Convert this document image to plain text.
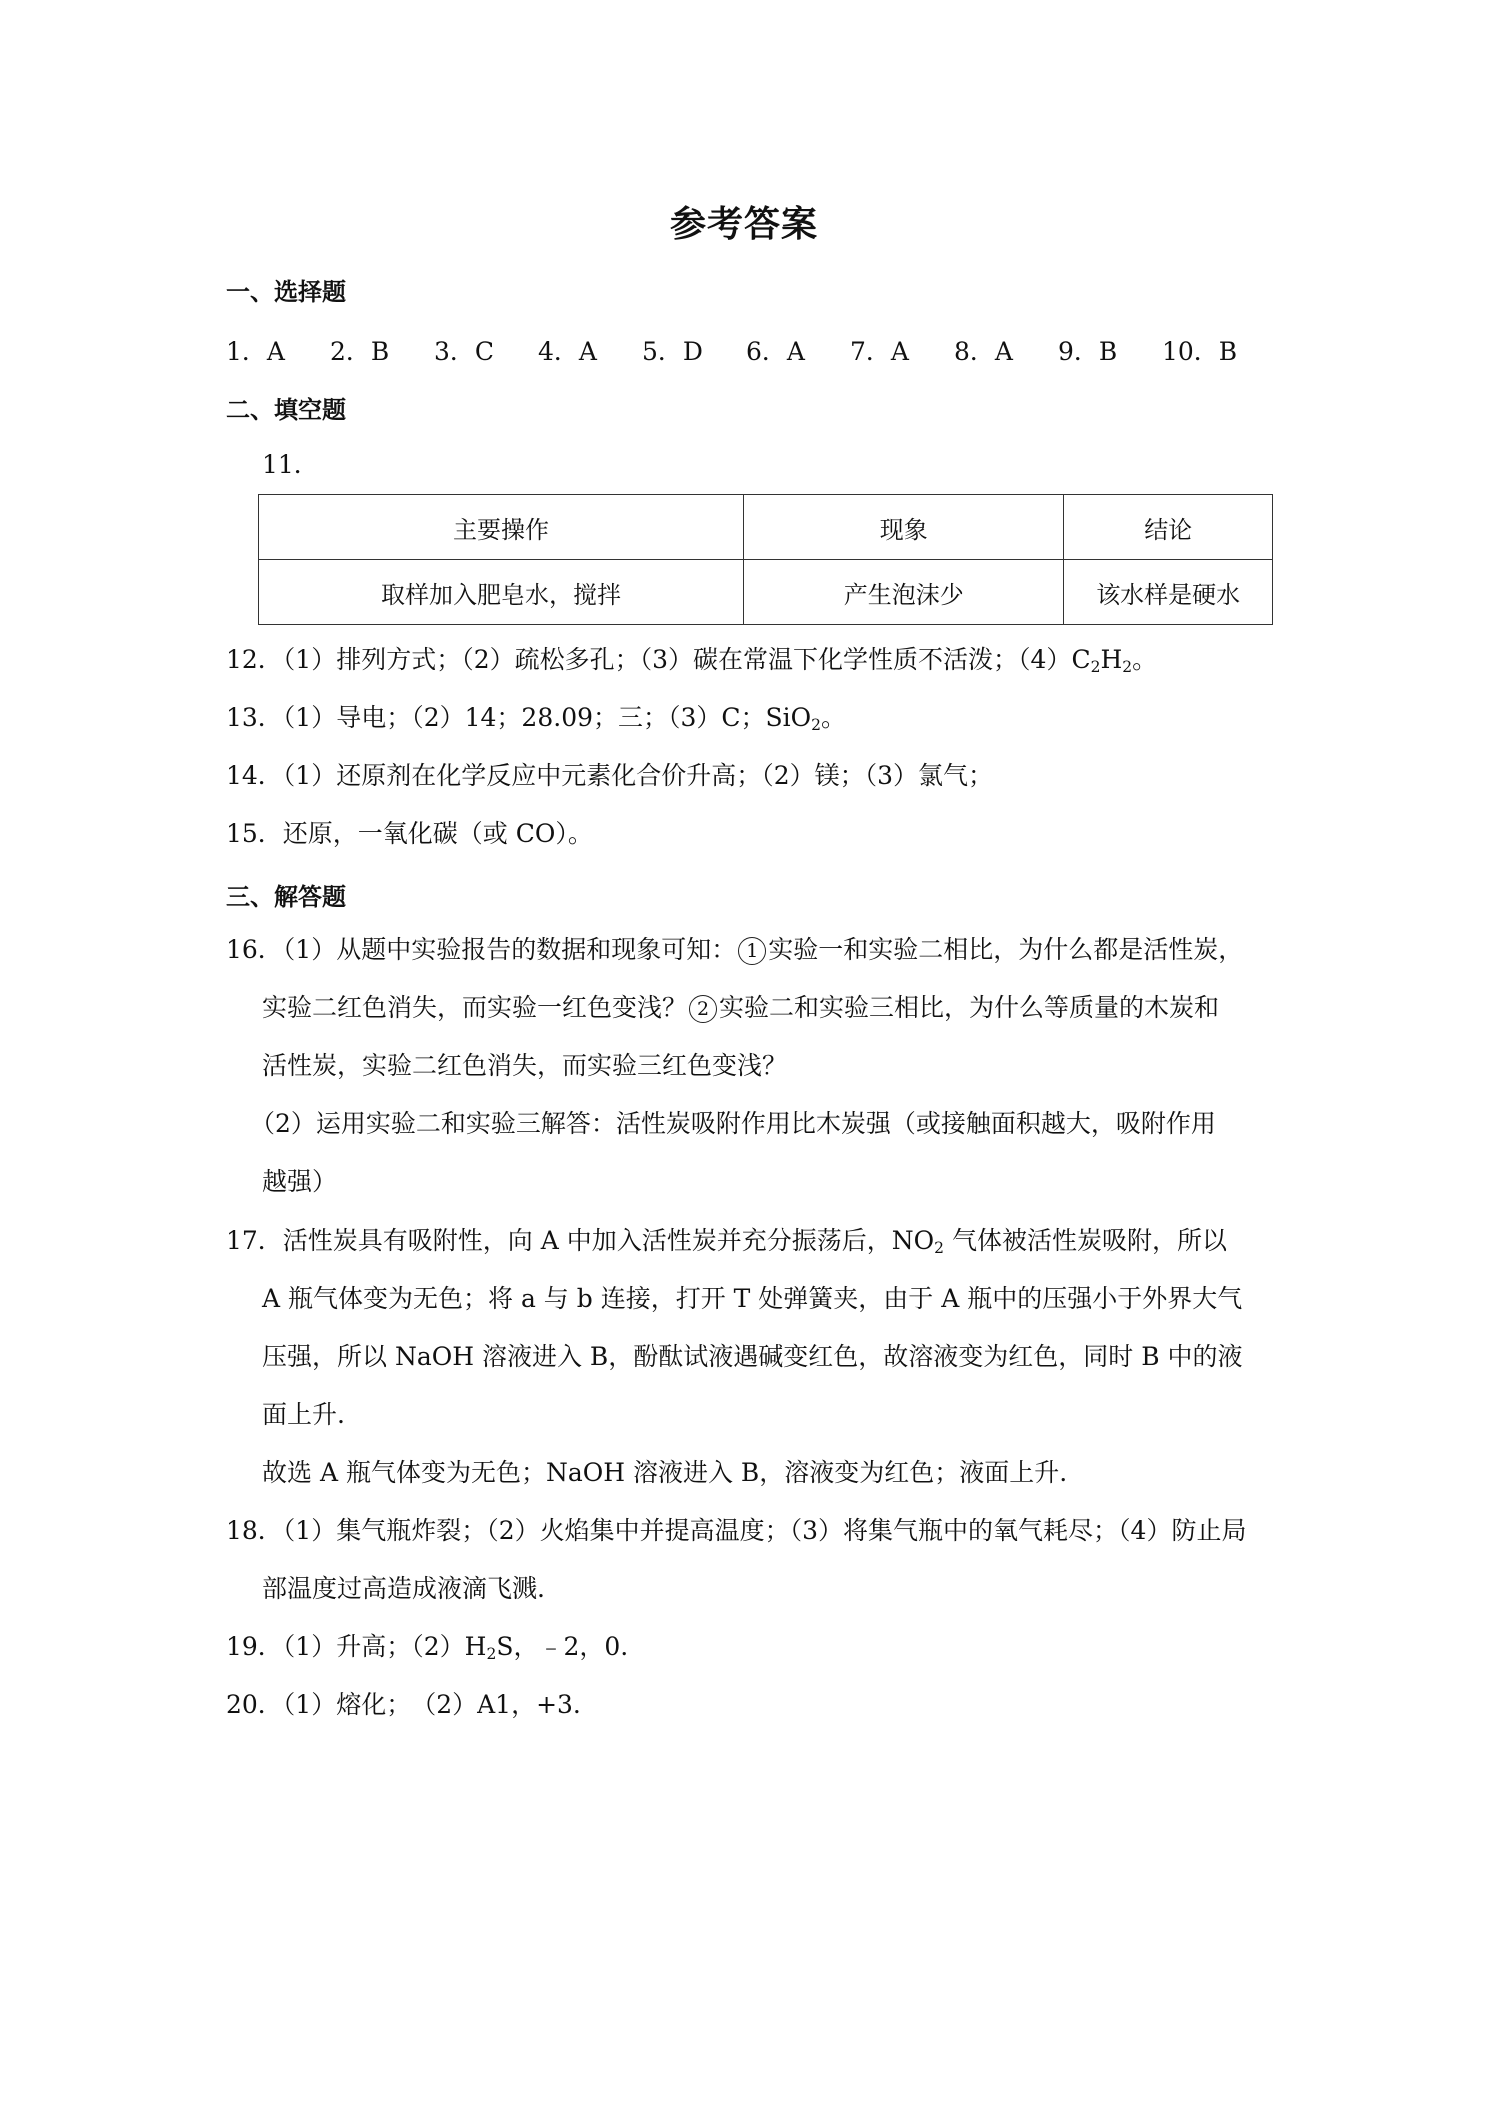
参考答案
一、选择题
1．A 2．B 3．C 4．A 5．D 6．A 7．A 8．A 9．B 10．B
二、填空题
11．
主要操作	现象	结论
取样加入肥皂水，搅拌	产生泡沫少	该水样是硬水
12．（1）排列方式；（2）疏松多孔；（3）碳在常温下化学性质不活泼；$(4)C_2H_2$。
13．（1）导电；（2）14；28.09；三；（3）C；SiO$_2$。
14．（1）还原剂在化学反应中元素化合价升高；（2）镁；（3）氯气；
15．还原，一氧化碳（或 CO）。
三、解答题
16．（1）从题中实验报告的数据和现象可知： 1 实验一和实验二相比，为什么都是活性炭，
实验二红色消失，而实验一红色变浅？ 2 实验二和实验三相比，为什么等质量的木炭和
活性炭，实验二红色消失，而实验三红色变浅？
（2）运用实验二和实验三解答：活性炭吸附作用比木炭强（或接触面积越大，吸附作用
越强）
17．活性炭具有吸附性，向 A 中加入活性炭并充分振荡后，$NO_2$ 气体被活性炭吸附，所以
A 瓶气体变为无色；将 a 与 b 连接，打开 T 处弹簧夹，由于 A 瓶中的压强小于外界大气
压强，所以 NaOH 溶液进入 B，酚酞试液遇碱变红色，故溶液变为红色，同时 B 中的液
面上升.
故选 A 瓶气体变为无色；NaOH 溶液进入 B，溶液变为红色；液面上升.
18．（1）集气瓶炸裂；（2）火焰集中并提高温度；（3）将集气瓶中的氧气耗尽；（4）防止局
部温度过高造成液滴飞溅.
19．（1）升高；$(2)H_2S$，﹣2，0.
20．（1）熔化；　（2）A1，+3.
